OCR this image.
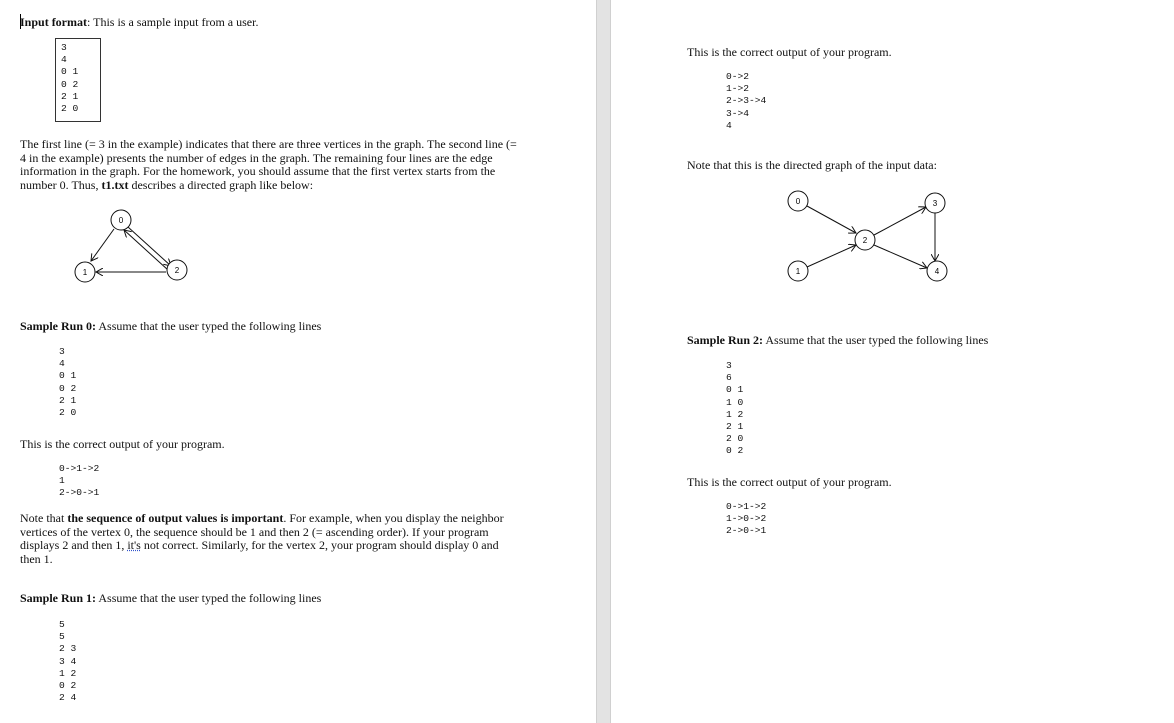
Input format: This is a sample input from a user.

3
4
0 1
0 2
2 1
2 0

The first line (= 3 in the example) indicates that there are three vertices in the graph. The second line (= 4 in the example) presents the number of edges in the graph. The remaining four lines are the edge information in the graph. For the homework, you should assume that the first vertex starts from the number 0. Thus, t1.txt describes a directed graph like below:

0
1	2

Sample Run 0: Assume that the user typed the following lines

3
4
0 1
0 2
2 1
2 0

This is the correct output of your program.

0->1->2
1
2->0->1

Note that the sequence of output values is important. For example, when you display the neighbor vertices of the vertex 0, the sequence should be 1 and then 2 (= ascending order). If your program displays 2 and then 1, it's not correct. Similarly, for the vertex 2, your program should display 0 and then 1.

Sample Run 1: Assume that the user typed the following lines

5
5
2 3
3 4
1 2
0 2
2 4

This is the correct output of your program.

0->2
1->2
2->3->4
3->4
4

Note that this is the directed graph of the input data:

0
1
2
3
4

Sample Run 2: Assume that the user typed the following lines

3
6
0 1
1 0
1 2
2 1
2 0
0 2

This is the correct output of your program.

0->1->2
1->0->2
2->0->1
